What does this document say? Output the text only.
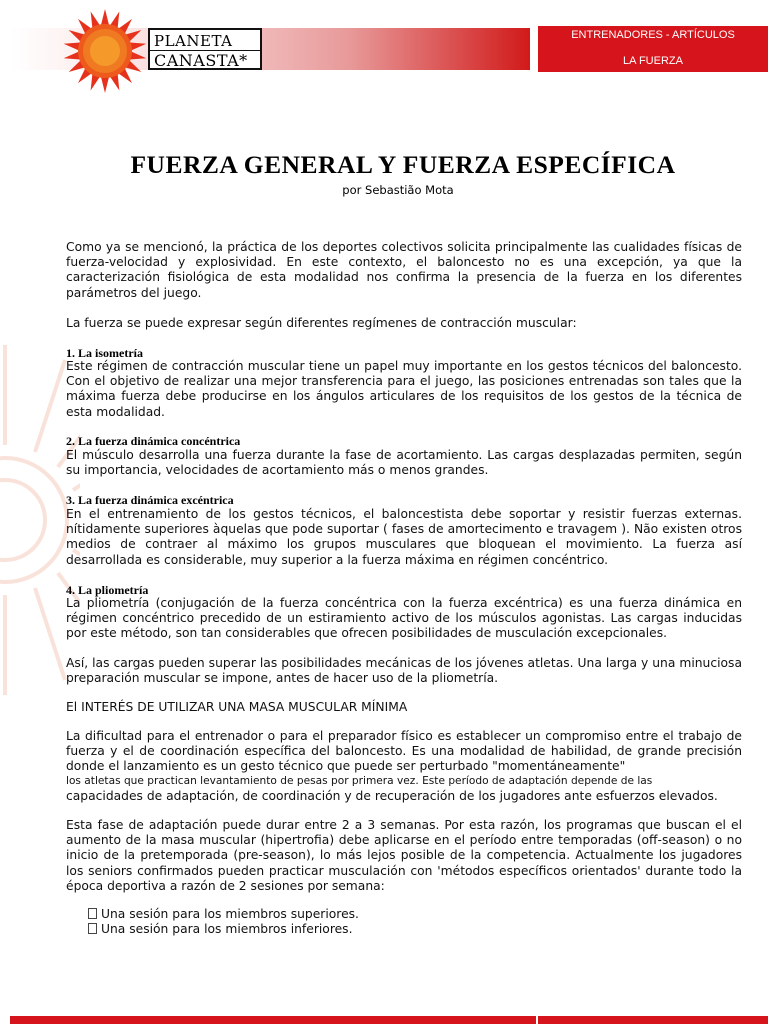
PLANETA
CANASTA*
ENTRENADORES - ARTÍCULOS
LA FUERZA
FUERZA GENERAL Y FUERZA ESPECÍFICA
por Sebastião Mota

Como ya se mencionó, la práctica de los deportes colectivos solicita principalmente las cualidades físicas de fuerza-velocidad y explosividad. En este contexto, el baloncesto no es una excepción, ya que la caracterización fisiológica de esta modalidad nos confirma la presencia de la fuerza en los diferentes parámetros del juego.

La fuerza se puede expresar según diferentes regímenes de contracción muscular:
1. La isometría

Este régimen de contracción muscular tiene un papel muy importante en los gestos técnicos del baloncesto. Con el objetivo de realizar una mejor transferencia para el juego, las posiciones entrenadas son tales que la máxima fuerza debe producirse en los ángulos articulares de los requisitos de los gestos de la técnica de esta modalidad.

2. La fuerza dinámica concéntrica

El músculo desarrolla una fuerza durante la fase de acortamiento. Las cargas desplazadas permiten, según su importancia, velocidades de acortamiento más o menos grandes.

3. La fuerza dinámica excéntrica

En el entrenamiento de los gestos técnicos, el baloncestista debe soportar y resistir fuerzas externas. nítidamente superiores àquelas que pode suportar ( fases de amortecimento e travagem ). Não existen otros medios de contraer al máximo los grupos musculares que bloquean el movimiento. La fuerza así desarrollada es considerable, muy superior a la fuerza máxima en régimen concéntrico.

4. La pliometría

La pliometría (conjugación de la fuerza concéntrica con la fuerza excéntrica) es una fuerza dinámica en régimen concéntrico precedido de un estiramiento activo de los músculos agonistas. Las cargas inducidas por este método, son tan considerables que ofrecen posibilidades de musculación excepcionales.

Así, las cargas pueden superar las posibilidades mecánicas de los jóvenes atletas. Una larga y una minuciosa preparación muscular se impone, antes de hacer uso de la pliometría.

El INTERÉS DE UTILIZAR UNA MASA MUSCULAR MÍNIMA

La dificultad para el entrenador o para el preparador físico es establecer un compromiso entre el trabajo de fuerza y el de coordinación específica del baloncesto. Es una modalidad de habilidad, de grande precisión donde el lanzamiento es un gesto técnico que puede ser perturbado "momentáneamente"

los atletas que practican levantamiento de pesas por primera vez. Este período de adaptación depende de las

capacidades de adaptación, de coordinación y de recuperación de los jugadores ante esfuerzos elevados.

Esta fase de adaptación puede durar entre 2 a 3 semanas. Por esta razón, los programas que buscan el el aumento de la masa muscular (hipertrofia) debe aplicarse en el período entre temporadas (off-season) o no inicio de la pretemporada (pre-season), lo más lejos posible de la competencia. Actualmente los jugadores los seniors confirmados pueden practicar musculación con 'métodos específicos orientados' durante todo la época deportiva a razón de 2 sesiones por semana:

Una sesión para los miembros superiores.
Una sesión para los miembros inferiores.
